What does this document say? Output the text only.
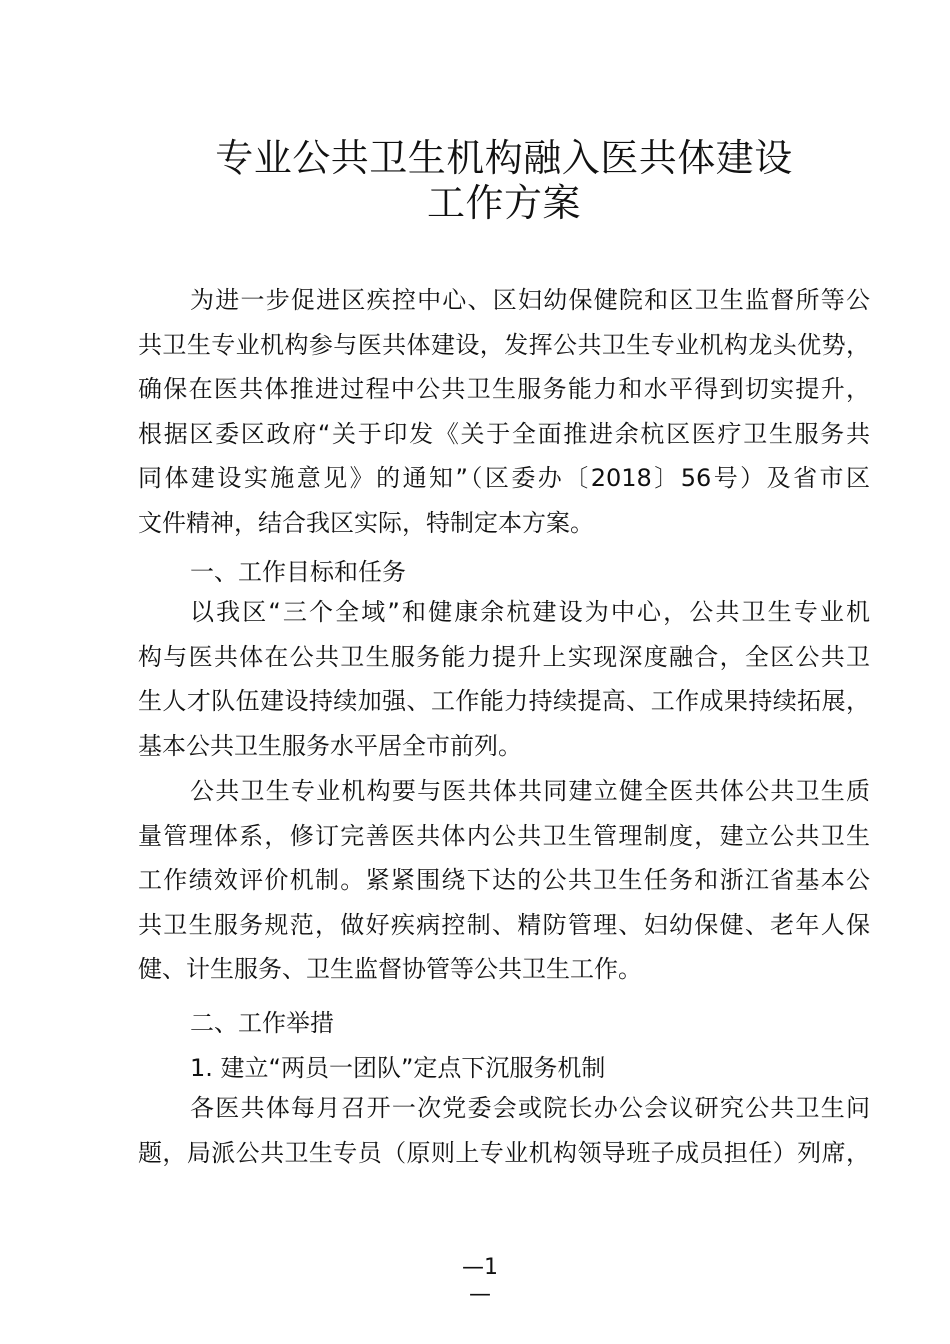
专业公共卫生机构融入医共体建设
工作方案
为进一步促进区疾控中心、区妇幼保健院和区卫生监督所等公
共卫生专业机构参与医共体建设，发挥公共卫生专业机构龙头优势，
确保在医共体推进过程中公共卫生服务能力和水平得到切实提升，
根据区委区政府“关于印发《关于全面推进余杭区医疗卫生服务共
同体建设实施意见》的通知”（区委办〔2018〕56号）及省市区
文件精神，结合我区实际，特制定本方案。
一、工作目标和任务
以我区“三个全域”和健康余杭建设为中心，公共卫生专业机
构与医共体在公共卫生服务能力提升上实现深度融合，全区公共卫
生人才队伍建设持续加强、工作能力持续提高、工作成果持续拓展，
基本公共卫生服务水平居全市前列。
公共卫生专业机构要与医共体共同建立健全医共体公共卫生质
量管理体系，修订完善医共体内公共卫生管理制度，建立公共卫生
工作绩效评价机制。紧紧围绕下达的公共卫生任务和浙江省基本公
共卫生服务规范，做好疾病控制、精防管理、妇幼保健、老年人保
健、计生服务、卫生监督协管等公共卫生工作。
二、工作举措
1. 建立“两员一团队”定点下沉服务机制
各医共体每月召开一次党委会或院长办公会议研究公共卫生问
题，局派公共卫生专员（原则上专业机构领导班子成员担任）列席，
—1
—
